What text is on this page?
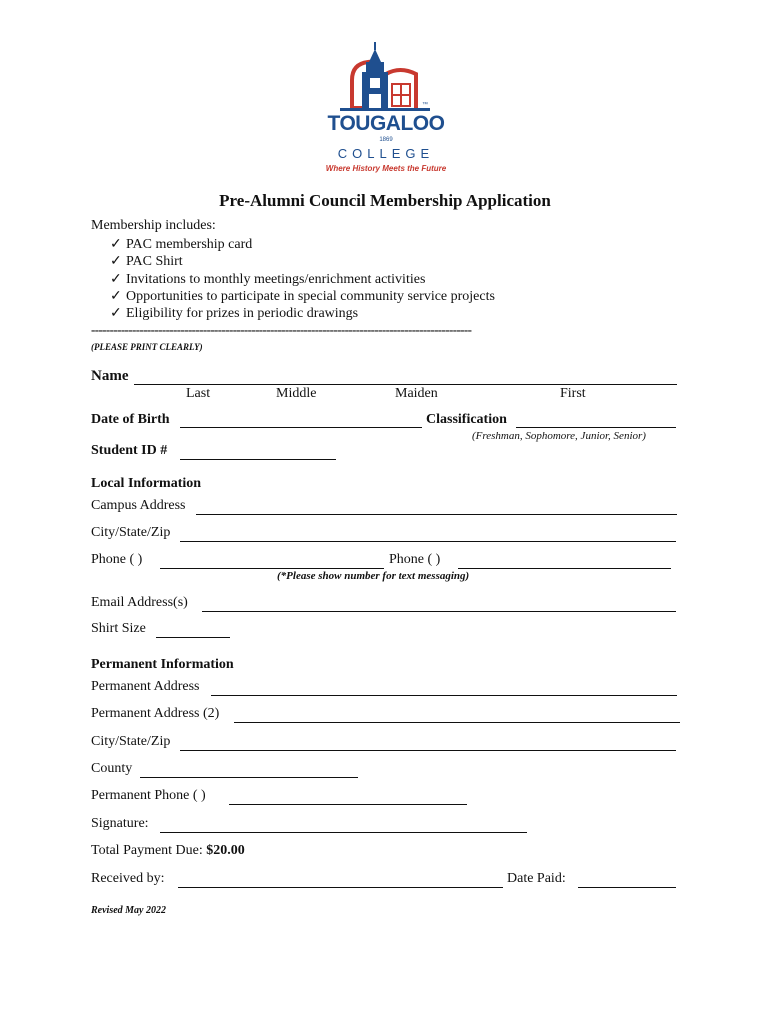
™
TOUGALOO
1869
COLLEGE
Where History Meets the Future
Pre-Alumni Council Membership Application
Membership includes:
✓ PAC membership card
✓ PAC Shirt
✓ Invitations to monthly meetings/enrichment activities
✓ Opportunities to participate in special community service projects
✓ Eligibility for prizes in periodic drawings
------------------------------------------------------------------------------------------------------
(PLEASE PRINT CLEARLY)
Name
Last	Middle	Maiden	First
Date of Birth	Classification
(Freshman, Sophomore, Junior, Senior)
Student ID #
Local Information
Campus Address
City/State/Zip
Phone ( )	Phone ( )
(*Please show number for text messaging)
Email Address(s)
Shirt Size
Permanent Information
Permanent Address
Permanent Address (2)
City/State/Zip
County
Permanent Phone ( )
Signature:
Total Payment Due: $20.00
Received by:	Date Paid:
Revised May 2022
